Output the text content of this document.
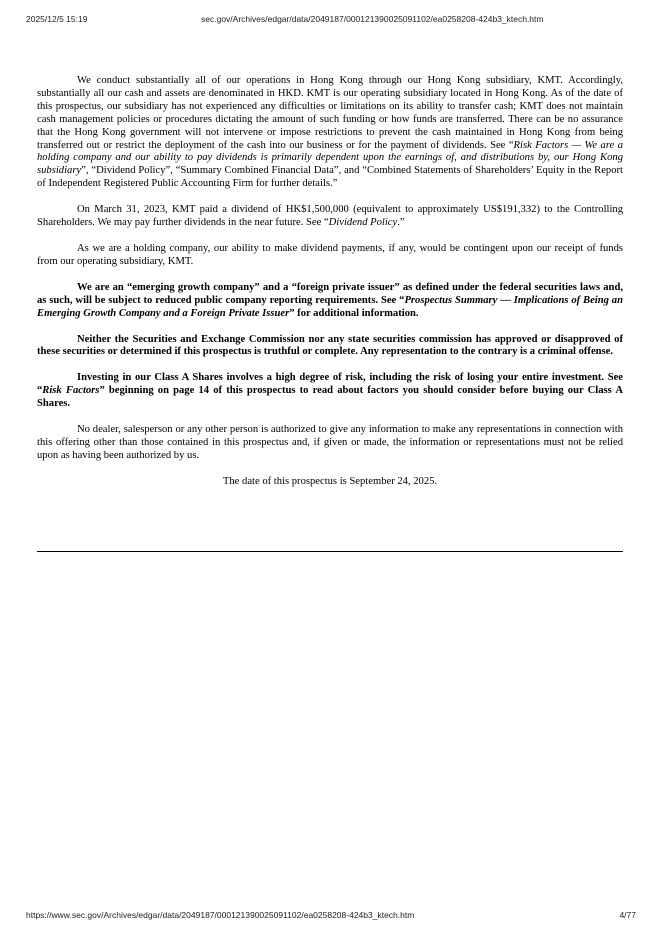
2025/12/5 15:19	sec.gov/Archives/edgar/data/2049187/000121390025091102/ea0258208-424b3_ktech.htm

We conduct substantially all of our operations in Hong Kong through our Hong Kong subsidiary, KMT. Accordingly, substantially all our cash and assets are denominated in HKD. KMT is our operating subsidiary located in Hong Kong. As of the date of this prospectus, our subsidiary has not experienced any difficulties or limitations on its ability to transfer cash; KMT does not maintain cash management policies or procedures dictating the amount of such funding or how funds are transferred. There can be no assurance that the Hong Kong government will not intervene or impose restrictions to prevent the cash maintained in Hong Kong from being transferred out or restrict the deployment of the cash into our business or for the payment of dividends. See “Risk Factors — We are a holding company and our ability to pay dividends is primarily dependent upon the earnings of, and distributions by, our Hong Kong subsidiary”, “Dividend Policy”, “Summary Combined Financial Data”, and “Combined Statements of Shareholders’ Equity in the Report of Independent Registered Public Accounting Firm for further details.”

On March 31, 2023, KMT paid a dividend of HK$1,500,000 (equivalent to approximately US$191,332) to the Controlling Shareholders. We may pay further dividends in the near future. See “Dividend Policy.”

As we are a holding company, our ability to make dividend payments, if any, would be contingent upon our receipt of funds from our operating subsidiary, KMT.

We are an “emerging growth company” and a “foreign private issuer” as defined under the federal securities laws and, as such, will be subject to reduced public company reporting requirements. See “Prospectus Summary — Implications of Being an Emerging Growth Company and a Foreign Private Issuer” for additional information.

Neither the Securities and Exchange Commission nor any state securities commission has approved or disapproved of these securities or determined if this prospectus is truthful or complete. Any representation to the contrary is a criminal offense.

Investing in our Class A Shares involves a high degree of risk, including the risk of losing your entire investment. See “Risk Factors” beginning on page 14 of this prospectus to read about factors you should consider before buying our Class A Shares.

No dealer, salesperson or any other person is authorized to give any information to make any representations in connection with this offering other than those contained in this prospectus and, if given or made, the information or representations must not be relied upon as having been authorized by us.

The date of this prospectus is September 24, 2025.

https://www.sec.gov/Archives/edgar/data/2049187/000121390025091102/ea0258208-424b3_ktech.htm	4/77
